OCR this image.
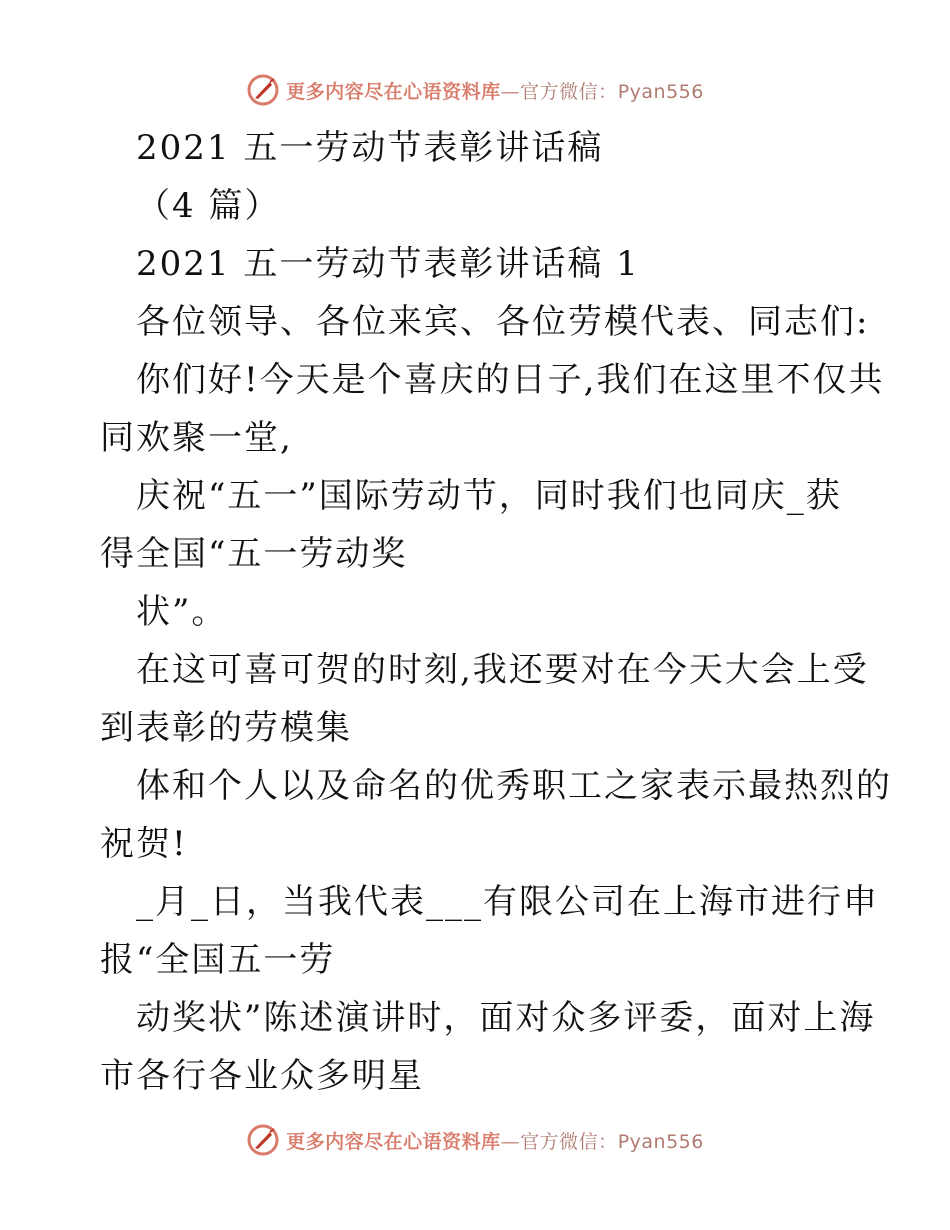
更多内容尽在心语资料库—官方微信：Pyan556
2021 五一劳动节表彰讲话稿
（4 篇）
2021 五一劳动节表彰讲话稿 1
各位领导、各位来宾、各位劳模代表、同志们:
你们好!今天是个喜庆的日子,我们在这里不仅共
同欢聚一堂,
庆祝“五一”国际劳动节，同时我们也同庆_获
得全国“五一劳动奖
状”。
在这可喜可贺的时刻,我还要对在今天大会上受
到表彰的劳模集
体和个人以及命名的优秀职工之家表示最热烈的
祝贺!
_月_日，当我代表___有限公司在上海市进行申
报“全国五一劳
动奖状”陈述演讲时，面对众多评委，面对上海
市各行各业众多明星
更多内容尽在心语资料库—官方微信：Pyan556
